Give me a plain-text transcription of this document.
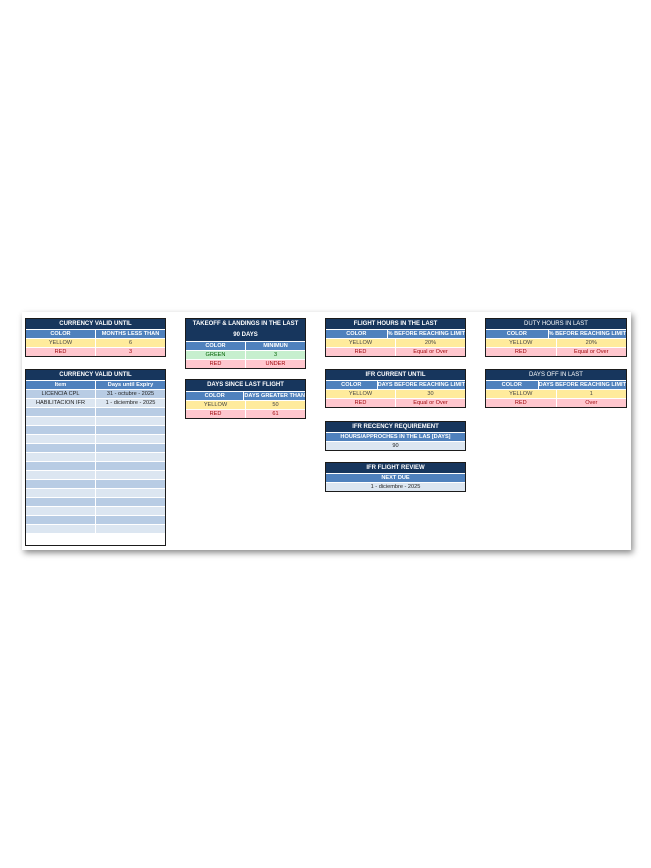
CURRENCY VALID UNTIL
COLOR	MONTHS LESS THAN
YELLOW	6
RED	3
CURRENCY VALID UNTIL
Item	Days until Expiry
LICENCIA CPL	31 - octubre - 2025
HABILITACION IFR	1 - diciembre - 2025
TAKEOFF & LANDINGS IN THE LAST
90 DAYS
COLOR	MINIMUN
GREEN	3
RED	UNDER
DAYS SINCE LAST FLIGHT
COLOR	DAYS GREATER THAN
YELLOW	50
RED	61
FLIGHT HOURS IN THE LAST
COLOR	% BEFORE REACHING LIMIT
YELLOW	20%
RED	Equal or Over
IFR CURRENT UNTIL
COLOR	DAYS BEFORE REACHING LIMIT
YELLOW	30
RED	Equal or Over
IFR RECENCY REQUIREMENT
HOURS/APPROCHES IN THE LAS [DAYS]
90
IFR FLIGHT REVIEW
NEXT DUE
1 - diciembre - 2025
DUTY HOURS IN LAST
COLOR	% BEFORE REACHING LIMIT
YELLOW	20%
RED	Equal or Over
DAYS OFF IN LAST
COLOR	DAYS BEFORE REACHING LIMIT
YELLOW	1
RED	Over
